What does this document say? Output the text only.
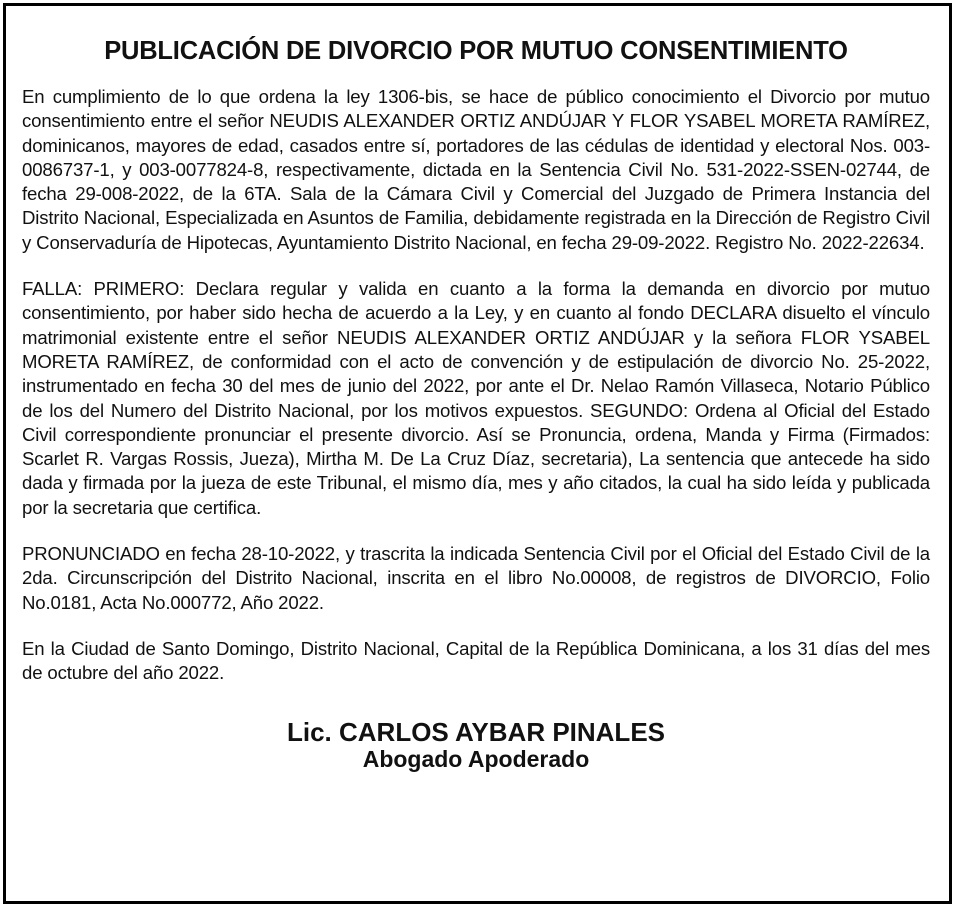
PUBLICACIÓN DE DIVORCIO POR MUTUO CONSENTIMIENTO

En cumplimiento de lo que ordena la ley 1306-bis, se hace de público conocimiento el Divorcio por mutuo consentimiento entre el señor NEUDIS ALEXANDER ORTIZ ANDÚJAR Y FLOR YSABEL MORETA RAMÍREZ, dominicanos, mayores de edad, casados entre sí, portadores de las cédulas de identidad y electoral Nos. 003-0086737-1, y 003-0077824-8, respectivamente, dictada en la Sentencia Civil No. 531-2022-SSEN-02744, de fecha 29-008-2022, de la 6TA. Sala de la Cámara Civil y Comercial del Juzgado de Primera Instancia del Distrito Nacional, Especializada en Asuntos de Familia, debidamente registrada en la Dirección de Registro Civil y Conservaduría de Hipotecas, Ayuntamiento Distrito Nacional, en fecha 29-09-2022. Registro No. 2022-22634.

FALLA: PRIMERO: Declara regular y valida en cuanto a la forma la demanda en divorcio por mutuo consentimiento, por haber sido hecha de acuerdo a la Ley, y en cuanto al fondo DECLARA disuelto el vínculo matrimonial existente entre el señor NEUDIS ALEXANDER ORTIZ ANDÚJAR y la señora FLOR YSABEL MORETA RAMÍREZ, de conformidad con el acto de convención y de estipulación de divorcio No. 25-2022, instrumentado en fecha 30 del mes de junio del 2022, por ante el Dr. Nelao Ramón Villaseca, Notario Público de los del Numero del Distrito Nacional, por los motivos expuestos. SEGUNDO: Ordena al Oficial del Estado Civil correspondiente pronunciar el presente divorcio. Así se Pronuncia, ordena, Manda y Firma (Firmados: Scarlet R. Vargas Rossis, Jueza), Mirtha M. De La Cruz Díaz, secretaria), La sentencia que antecede ha sido dada y firmada por la jueza de este Tribunal, el mismo día, mes y año citados, la cual ha sido leída y publicada por la secretaria que certifica.

PRONUNCIADO en fecha 28-10-2022, y trascrita la indicada Sentencia Civil por el Oficial del Estado Civil de la 2da. Circunscripción del Distrito Nacional, inscrita en el libro No.00008, de registros de DIVORCIO, Folio No.0181, Acta No.000772, Año 2022.

En la Ciudad de Santo Domingo, Distrito Nacional, Capital de la República Dominicana, a los 31 días del mes de octubre del año 2022.

Lic. CARLOS AYBAR PINALES

Abogado Apoderado
